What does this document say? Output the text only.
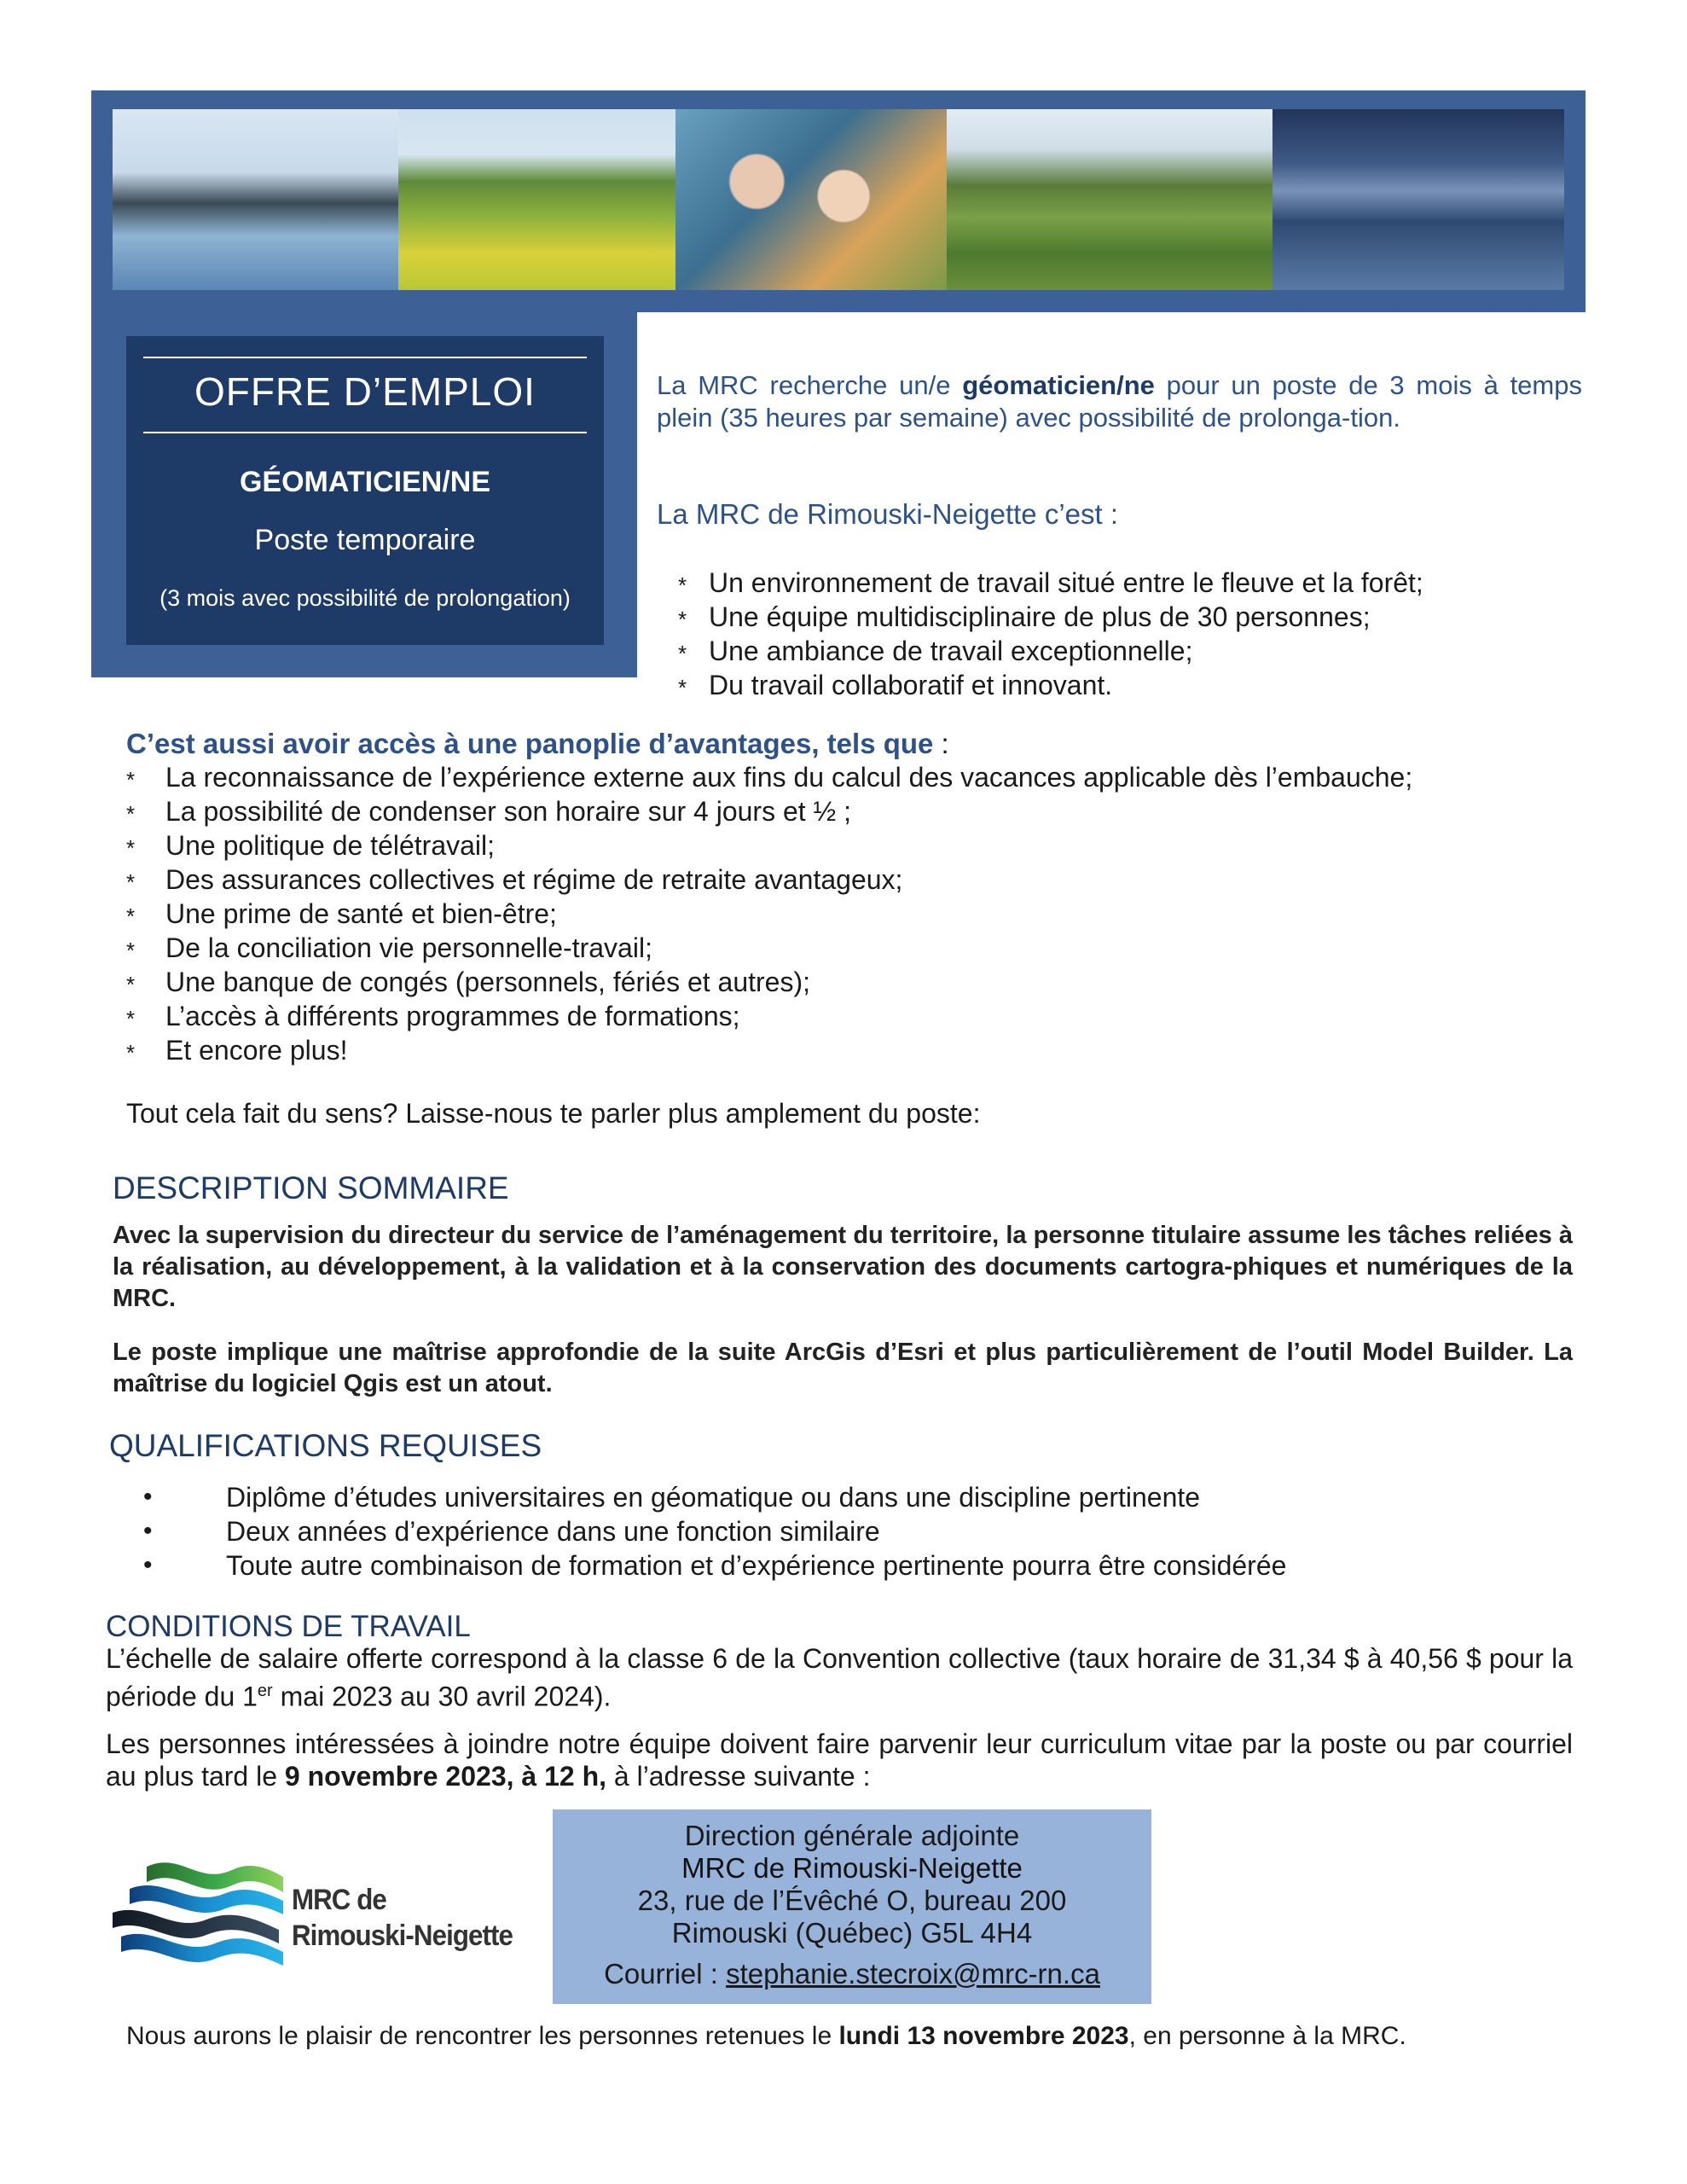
OFFRE D’EMPLOI
GÉOMATICIEN/NE
Poste temporaire
(3 mois avec possibilité de prolongation)
La MRC recherche un/e géomaticien/ne pour un poste de 3 mois à temps plein (35 heures par semaine) avec possibilité de prolonga-tion.
La MRC de Rimouski-Neigette c’est :
* Un environnement de travail situé entre le fleuve et la forêt;
* Une équipe multidisciplinaire de plus de 30 personnes;
* Une ambiance de travail exceptionnelle;
* Du travail collaboratif et innovant.
C’est aussi avoir accès à une panoplie d’avantages, tels que :
* La reconnaissance de l’expérience externe aux fins du calcul des vacances applicable dès l’embauche;
* La possibilité de condenser son horaire sur 4 jours et ½ ;
* Une politique de télétravail;
* Des assurances collectives et régime de retraite avantageux;
* Une prime de santé et bien-être;
* De la conciliation vie personnelle-travail;
* Une banque de congés (personnels, fériés et autres);
* L’accès à différents programmes de formations;
* Et encore plus!
Tout cela fait du sens? Laisse-nous te parler plus amplement du poste:
DESCRIPTION SOMMAIRE
Avec la supervision du directeur du service de l’aménagement du territoire, la personne titulaire assume les tâches reliées à la réalisation, au développement, à la validation et à la conservation des documents cartogra-phiques et numériques de la MRC.
Le poste implique une maîtrise approfondie de la suite ArcGis d’Esri et plus particulièrement de l’outil Model Builder. La maîtrise du logiciel Qgis est un atout.
QUALIFICATIONS REQUISES
• Diplôme d’études universitaires en géomatique ou dans une discipline pertinente
• Deux années d’expérience dans une fonction similaire
• Toute autre combinaison de formation et d’expérience pertinente pourra être considérée
CONDITIONS DE TRAVAIL
L’échelle de salaire offerte correspond à la classe 6 de la Convention collective (taux horaire de 31,34 $ à 40,56 $ pour la période du 1er mai 2023 au 30 avril 2024).
Les personnes intéressées à joindre notre équipe doivent faire parvenir leur curriculum vitae par la poste ou par courriel au plus tard le 9 novembre 2023, à 12 h, à l’adresse suivante :
MRC de
Rimouski-Neigette
Direction générale adjointe
MRC de Rimouski-Neigette
23, rue de l’Évêché O, bureau 200
Rimouski (Québec) G5L 4H4
Courriel : stephanie.stecroix@mrc-rn.ca
Nous aurons le plaisir de rencontrer les personnes retenues le lundi 13 novembre 2023, en personne à la MRC.
